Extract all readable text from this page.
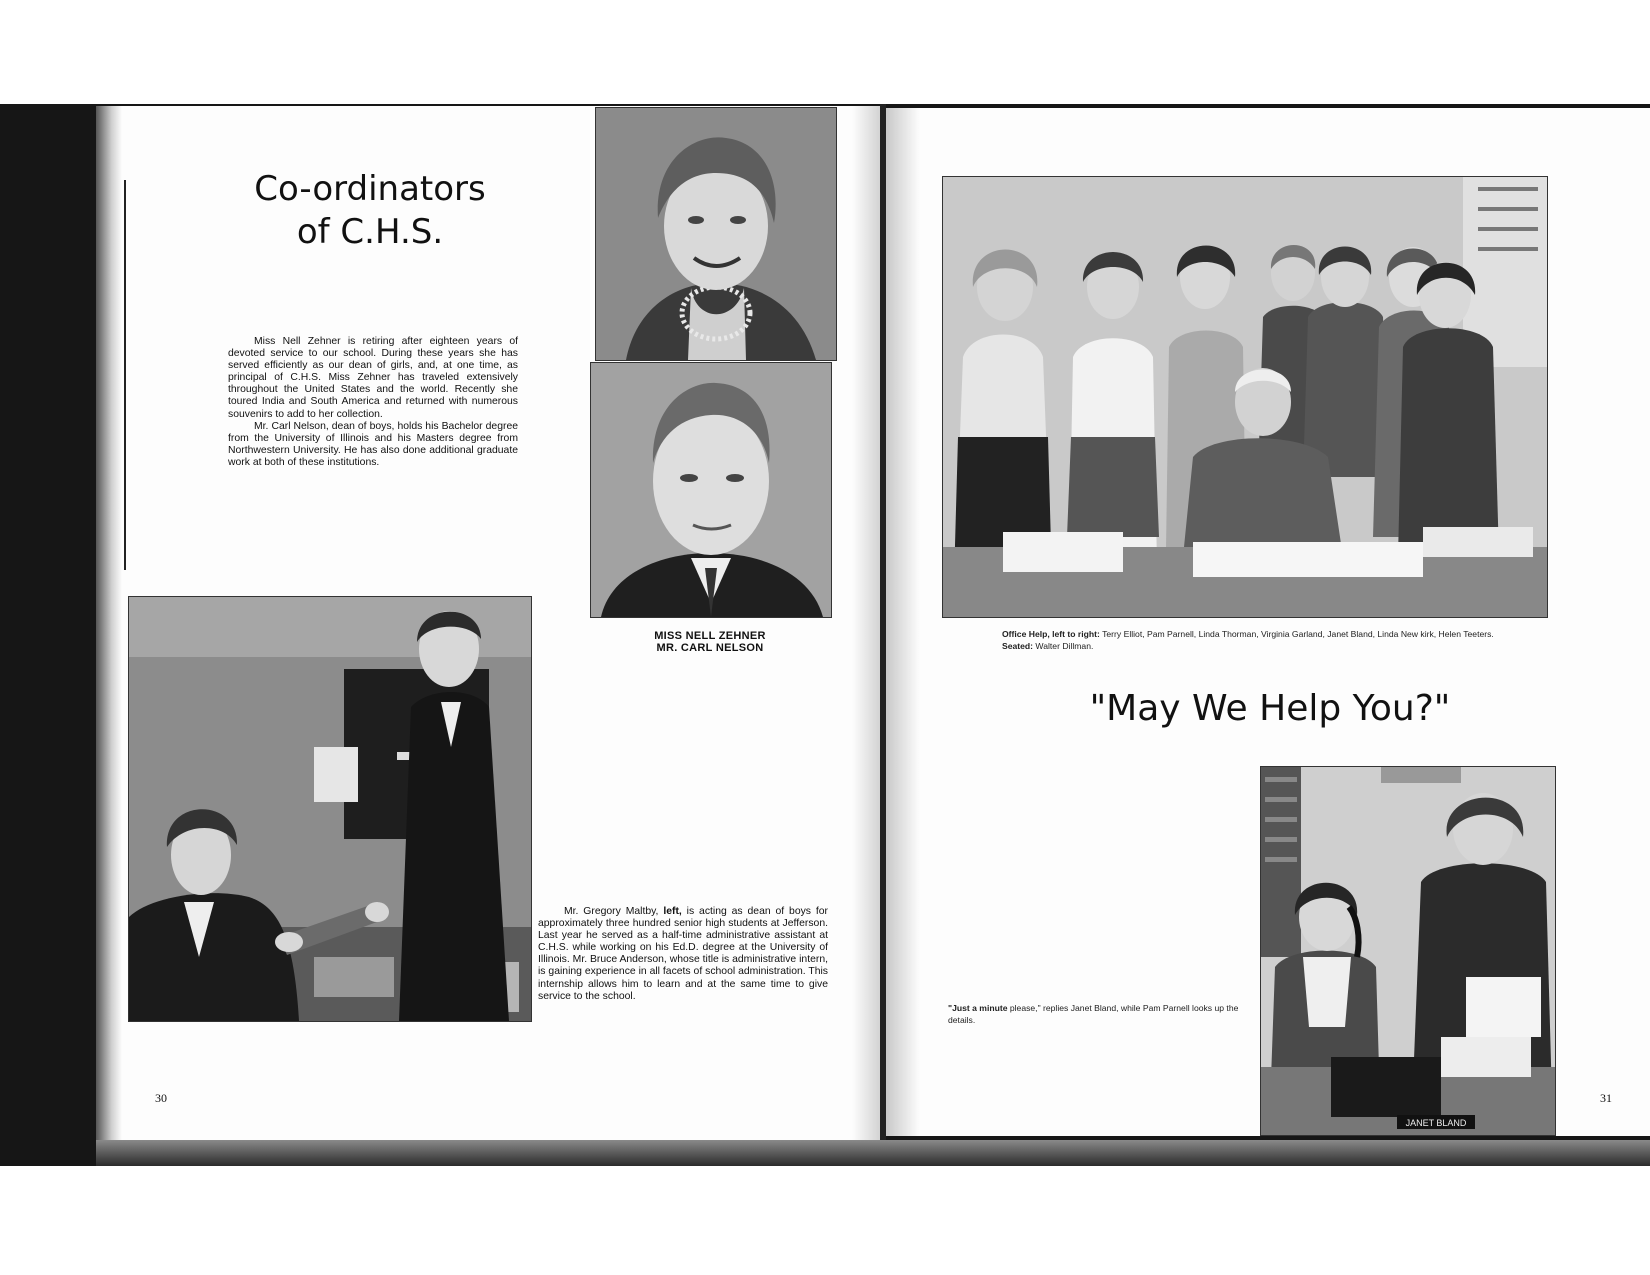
Co-ordinators
of C.H.S.

Miss Nell Zehner is retiring after eighteen years of devoted service to our school. During these years she has served efficiently as our dean of girls, and, at one time, as principal of C.H.S. Miss Zehner has traveled extensively throughout the United States and the world. Recently she toured India and South America and returned with numerous souvenirs to add to her collection.

Mr. Carl Nelson, dean of boys, holds his Bachelor degree from the University of Illinois and his Masters degree from Northwestern University. He has also done additional graduate work at both of these institutions.

MISS NELL ZEHNER
MR. CARL NELSON

Mr. Gregory Maltby, left, is acting as dean of boys for approximately three hundred senior high students at Jefferson. Last year he served as a half-time administrative assistant at C.H.S. while working on his Ed.D. degree at the University of Illinois. Mr. Bruce Anderson, whose title is administrative intern, is gaining experience in all facets of school administration. This internship allows him to learn and at the same time to give service to the school.

30
Office Help, left to right: Terry Elliot, Pam Parnell, Linda Thorman, Virginia Garland, Janet Bland, Linda New kirk, Helen Teeters. Seated: Walter Dillman.
"May We Help You?"
JANET BLAND
"Just a minute please," replies Janet Bland, while Pam Parnell looks up the details.
31
